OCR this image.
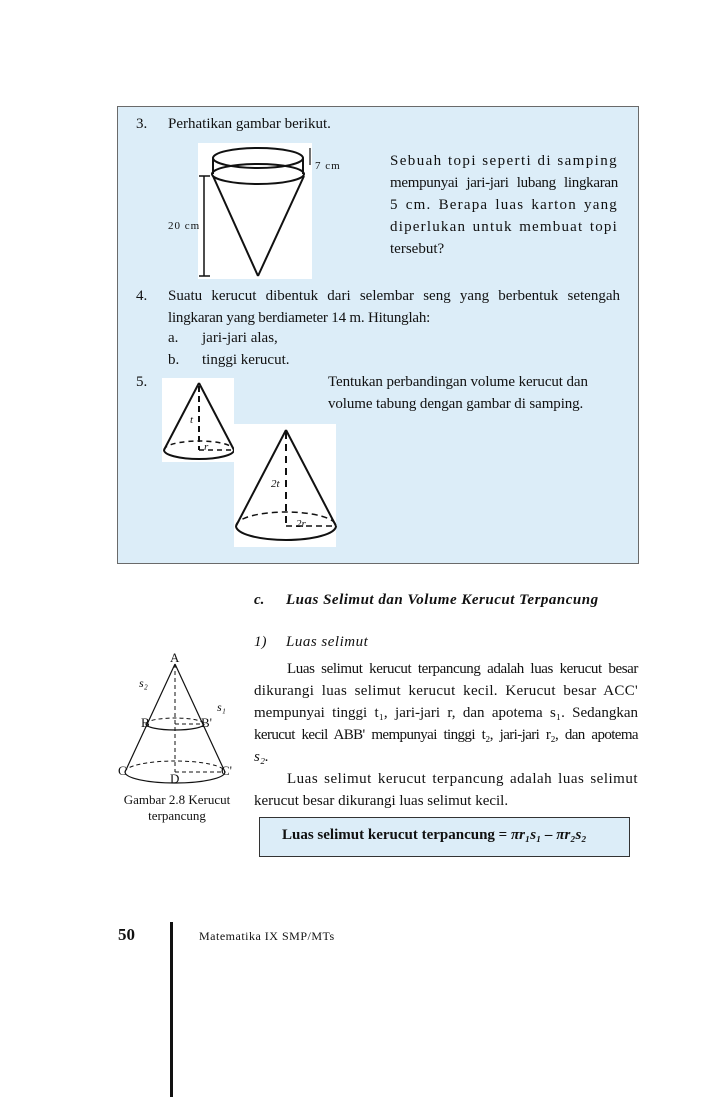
3. Perhatikan gambar berikut.
7 cm
20 cm
Sebuah topi seperti di samping
mempunyai jari-jari lubang lingkaran
5 cm. Berapa luas karton yang
diperlukan untuk membuat topi
tersebut?
4. Suatu kerucut dibentuk dari selembar seng yang berbentuk setengah
lingkaran yang berdiameter 14 m. Hitunglah:
a. jari-jari alas,
b. tinggi kerucut.
5.	Tentukan perbandingan volume kerucut dan
volume tabung dengan gambar di samping.
t
r
2t
2r
c. Luas Selimut dan Volume Kerucut Terpancung
1) Luas selimut
Luas selimut kerucut terpancung adalah luas kerucut besar
dikurangi luas selimut kerucut kecil. Kerucut besar ACC'
mempunyai tinggi t₁, jari-jari r, dan apotema s₁. Sedangkan
kerucut kecil ABB' mempunyai tinggi t₂, jari-jari r₂, dan apotema
s₂.
Luas selimut kerucut terpancung adalah luas selimut
kerucut besar dikurangi luas selimut kecil.
Luas selimut kerucut terpancung = πr₁s₁ – πr₂s₂
A
s₂
s₁
B	B'
C
D
C'
Gambar 2.8 Kerucut
terpancung
50	Matematika IX SMP/MTs
